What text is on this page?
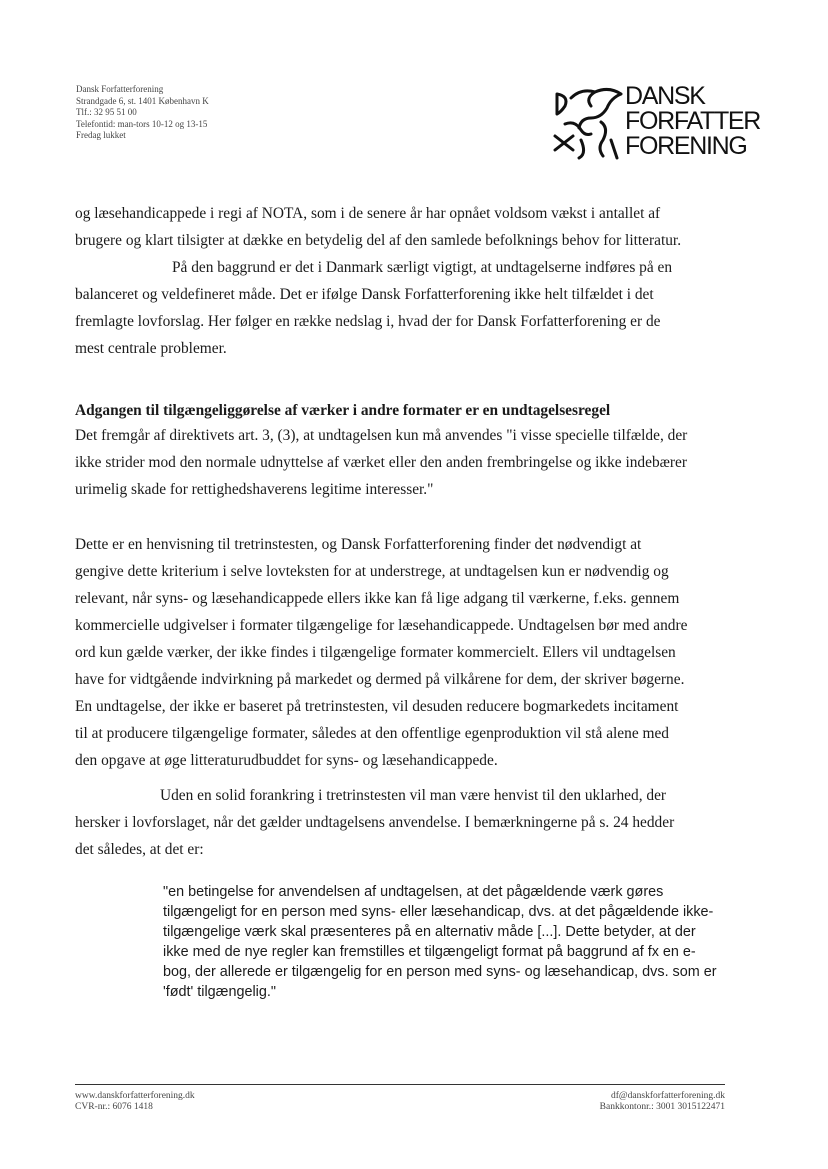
Dansk Forfatterforening
Strandgade 6, st. 1401 København K
Tlf.: 32 95 51 00
Telefontid: man-tors 10-12 og 13-15
Fredag lukket
DANSK
FORFATTER
FORENING
og læsehandicappede i regi af NOTA, som i de senere år har opnået voldsom vækst i antallet af
brugere og klart tilsigter at dække en betydelig del af den samlede befolknings behov for litteratur.
På den baggrund er det i Danmark særligt vigtigt, at undtagelserne indføres på en
balanceret og veldefineret måde. Det er ifølge Dansk Forfatterforening ikke helt tilfældet i det
fremlagte lovforslag. Her følger en række nedslag i, hvad der for Dansk Forfatterforening er de
mest centrale problemer.
Adgangen til tilgængeliggørelse af værker i andre formater er en undtagelsesregel
Det fremgår af direktivets art. 3, (3), at undtagelsen kun må anvendes "i visse specielle tilfælde, der
ikke strider mod den normale udnyttelse af værket eller den anden frembringelse og ikke indebærer
urimelig skade for rettighedshaverens legitime interesser."
Dette er en henvisning til tretrinstesten, og Dansk Forfatterforening finder det nødvendigt at
gengive dette kriterium i selve lovteksten for at understrege, at undtagelsen kun er nødvendig og
relevant, når syns- og læsehandicappede ellers ikke kan få lige adgang til værkerne, f.eks. gennem
kommercielle udgivelser i formater tilgængelige for læsehandicappede. Undtagelsen bør med andre
ord kun gælde værker, der ikke findes i tilgængelige formater kommercielt. Ellers vil undtagelsen
have for vidtgående indvirkning på markedet og dermed på vilkårene for dem, der skriver bøgerne.
En undtagelse, der ikke er baseret på tretrinstesten, vil desuden reducere bogmarkedets incitament
til at producere tilgængelige formater, således at den offentlige egenproduktion vil stå alene med
den opgave at øge litteraturudbuddet for syns- og læsehandicappede.
Uden en solid forankring i tretrinstesten vil man være henvist til den uklarhed, der
hersker i lovforslaget, når det gælder undtagelsens anvendelse. I bemærkningerne på s. 24 hedder
det således, at det er:
"en betingelse for anvendelsen af undtagelsen, at det pågældende værk gøres
tilgængeligt for en person med syns- eller læsehandicap, dvs. at det pågældende ikke-
tilgængelige værk skal præsenteres på en alternativ måde [...]. Dette betyder, at der
ikke med de nye regler kan fremstilles et tilgængeligt format på baggrund af fx en e-
bog, der allerede er tilgængelig for en person med syns- og læsehandicap, dvs. som er
'født' tilgængelig."
www.danskforfatterforening.dk
CVR-nr.: 6076 1418
df@danskforfatterforening.dk
Bankkontonr.: 3001 3015122471
